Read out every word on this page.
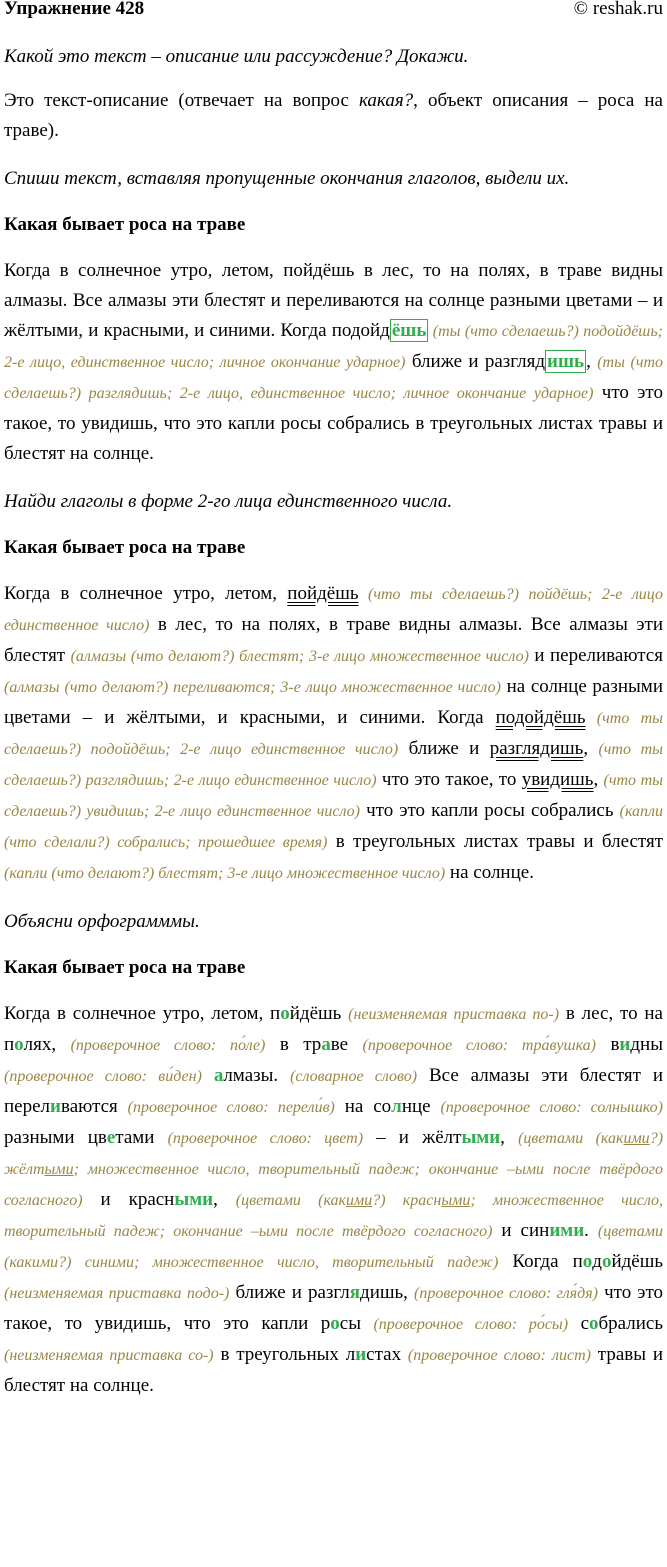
Упражнение 428	© reshak.ru

Какой это текст – описание или рассуждение? Докажи.

Это текст-описание (отвечает на вопрос какая?, объект описания – роса на траве).

Спиши текст, вставляя пропущенные окончания глаголов, выдели их.

Какая бывает роса на траве

Когда в солнечное утро, летом, пойдёшь в лес, то на полях, в траве видны алмазы. Все алмазы эти блестят и переливаются на солнце разными цветами – и жёлтыми, и красными, и синими. Когда подойд ёшь (ты (что сделаешь?) подойдёшь; 2-е лицо, единственное число; личное окончание ударное) ближе и разгляд ишь , (ты (что сделаешь?) разглядишь; 2-е лицо, единственное число; личное окончание ударное) что это такое, то увидишь, что это капли росы собрались в треугольных листах травы и блестят на солнце.

Найди глаголы в форме 2-го лица единственного числа.

Какая бывает роса на траве

Когда в солнечное утро, летом, пойдёшь (что ты сделаешь?) пойдёшь; 2-е лицо единственное число) в лес, то на полях, в траве видны алмазы. Все алмазы эти блестят (алмазы (что делают?) блестят; 3-е лицо множественное число) и переливаются (алмазы (что делают?) переливаются; 3-е лицо множественное число) на солнце разными цветами – и жёлтыми, и красными, и синими. Когда подойдёшь (что ты сделаешь?) подойдёшь; 2-е лицо единственное число) ближе и разглядишь, (что ты сделаешь?) разглядишь; 2-е лицо единственное число) что это такое, то увидишь, (что ты сделаешь?) увидишь; 2-е лицо единственное число) что это капли росы собрались (капли (что сделали?) собрались; прошедшее время) в треугольных листах травы и блестят (капли (что делают?) блестят; 3-е лицо множественное число) на солнце.

Объясни орфограмммы.

Какая бывает роса на траве

Когда в солнечное утро, летом, пойдёшь (неизменяемая приставка по-) в лес, то на полях, (проверочное слово: по́ле) в траве (проверочное слово: тра́вушка) видны (проверочное слово: ви́ден) алмазы. (словарное слово) Все алмазы эти блестят и переливаются (проверочное слово: перели́в) на солнце (проверочное слово: солнышко) разными цветами (проверочное слово: цвет) – и жёлтыми, (цветами (какими?) жёлтыми; множественное число, творительный падеж; окончание –ыми после твёрдого согласного) и красными, (цветами (какими?) красными; множественное число, творительный падеж; окончание –ыми после твёрдого согласного) и синими. (цветами (какими?) синими; множественное число, творительный падеж) Когда подойдёшь (неизменяемая приставка подо-) ближе и разглядишь, (проверочное слово: гля́дя) что это такое, то увидишь, что это капли росы (проверочное слово: ро́сы) собрались (неизменяемая приставка со-) в треугольных листах (проверочное слово: лист) травы и блестят на солнце.
